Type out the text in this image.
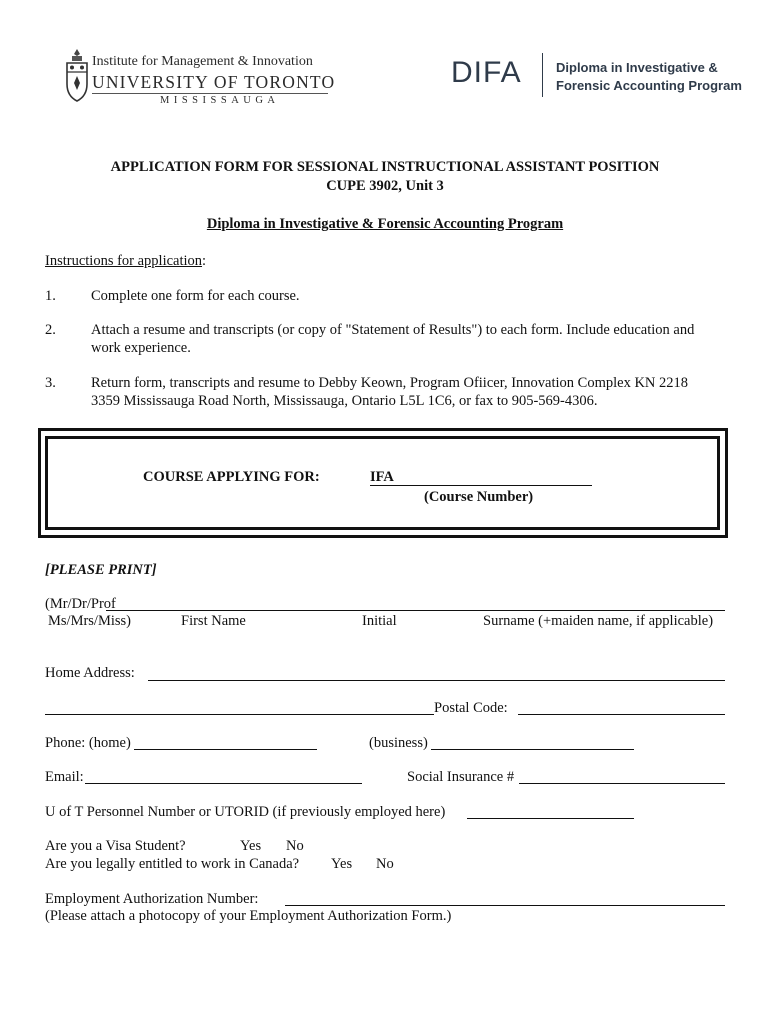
Institute for Management & Innovation
UNIVERSITY OF TORONTO
MISSISSAUGA
DIFA	Diploma in Investigative &
Forensic Accounting Program
APPLICATION FORM FOR SESSIONAL INSTRUCTIONAL ASSISTANT POSITION
CUPE 3902, Unit 3
Diploma in Investigative & Forensic Accounting Program
Instructions for application:
1. Complete one form for each course.
2. Attach a resume and transcripts (or copy of "Statement of Results") to each form. Include education and
work experience.
3. Return form, transcripts and resume to Debby Keown, Program Ofiicer, Innovation Complex KN 2218
3359 Mississauga Road North, Mississauga, Ontario L5L 1C6, or fax to 905-569-4306.
COURSE APPLYING FOR:	IFA
(Course Number)
[PLEASE PRINT]
(Mr/Dr/Prof
Ms/Mrs/Miss)	First Name	Initial	Surname (+maiden name, if applicable)
Home Address:
Postal Code:
Phone: (home)	(business)
Email:	Social Insurance #
U of T Personnel Number or UTORID (if previously employed here)
Are you a Visa Student?	Yes No
Are you legally entitled to work in Canada? Yes No
Employment Authorization Number:
(Please attach a photocopy of your Employment Authorization Form.)
